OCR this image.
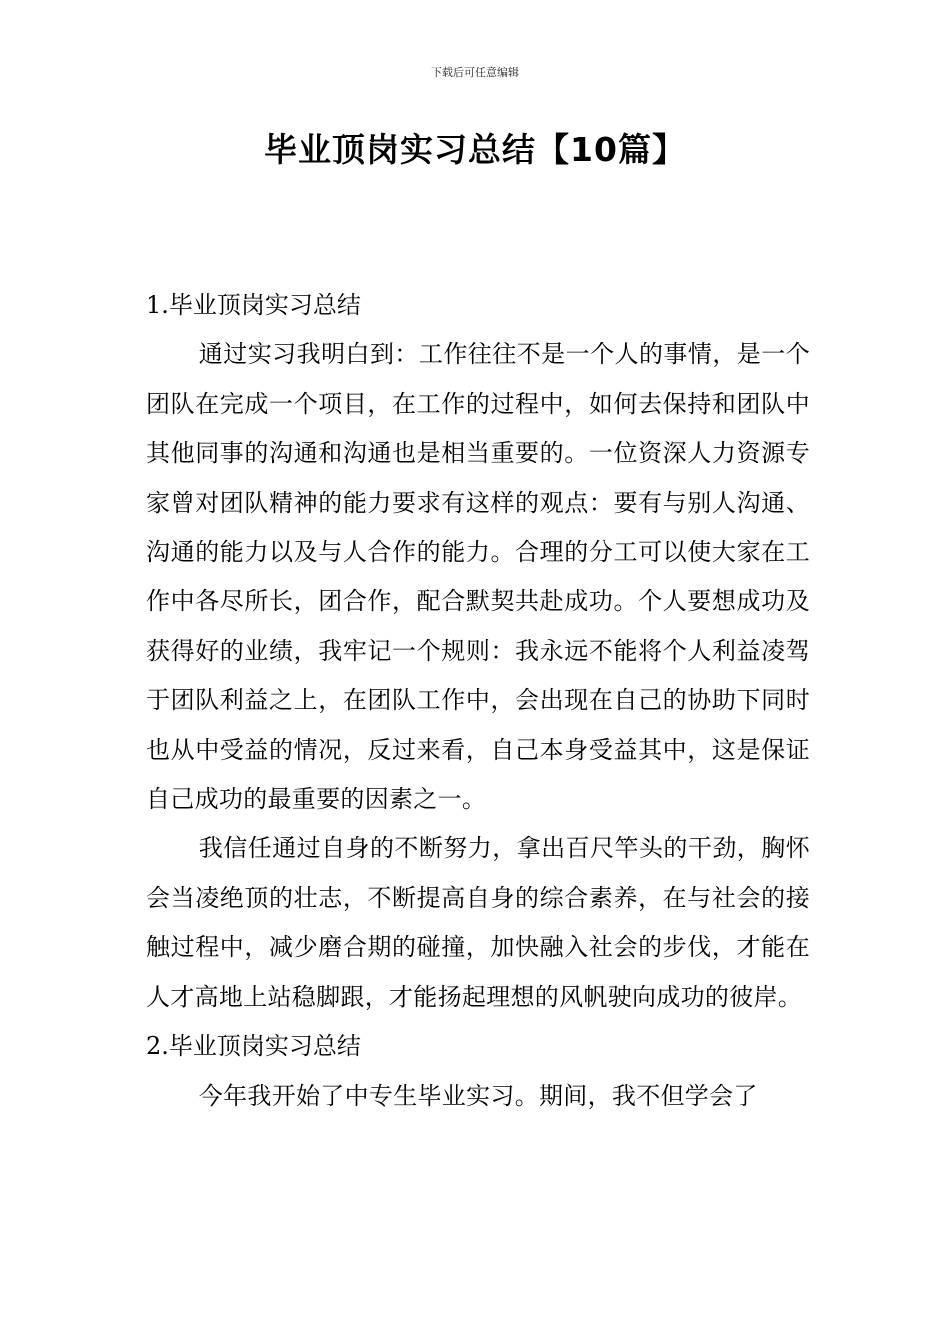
下载后可任意编辑
毕业顶岗实习总结【10篇】
1.毕业顶岗实习总结

通过实习我明白到：工作往往不是一个人的事情，是一个团队在完成一个项目，在工作的过程中，如何去保持和团队中其他同事的沟通和沟通也是相当重要的。一位资深人力资源专家曾对团队精神的能力要求有这样的观点：要有与别人沟通、沟通的能力以及与人合作的能力。合理的分工可以使大家在工作中各尽所长，团合作，配合默契共赴成功。个人要想成功及获得好的业绩，我牢记一个规则：我永远不能将个人利益凌驾于团队利益之上，在团队工作中，会出现在自己的协助下同时也从中受益的情况，反过来看，自己本身受益其中，这是保证自己成功的最重要的因素之一。

我信任通过自身的不断努力，拿出百尺竿头的干劲，胸怀会当凌绝顶的壮志，不断提高自身的综合素养，在与社会的接触过程中，减少磨合期的碰撞，加快融入社会的步伐，才能在人才高地上站稳脚跟，才能扬起理想的风帆驶向成功的彼岸。

2.毕业顶岗实习总结

今年我开始了中专生毕业实习。期间，我不但学会了
